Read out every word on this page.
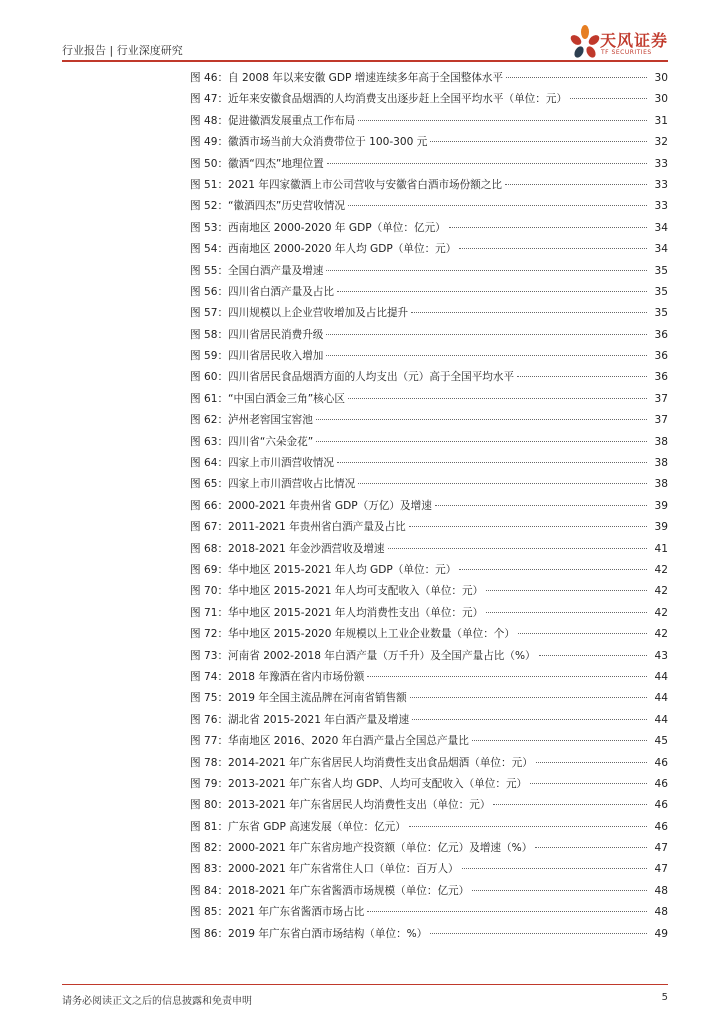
行业报告 | 行业深度研究
天风证券
TF SECURITIES
图 46： 自 2008 年以来安徽 GDP 增速连续多年高于全国整体水平	30
图 47： 近年来安徽食品烟酒的人均消费支出逐步赶上全国平均水平（单位：元）	30
图 48： 促进徽酒发展重点工作布局	31
图 49： 徽酒市场当前大众消费带位于 100-300 元	32
图 50： 徽酒“四杰”地理位置	33
图 51： 2021 年四家徽酒上市公司营收与安徽省白酒市场份额之比	33
图 52： “徽酒四杰”历史营收情况	33
图 53： 西南地区 2000-2020 年 GDP（单位：亿元）	34
图 54： 西南地区 2000-2020 年人均 GDP（单位：元）	34
图 55： 全国白酒产量及增速	35
图 56： 四川省白酒产量及占比	35
图 57： 四川规模以上企业营收增加及占比提升	35
图 58： 四川省居民消费升级	36
图 59： 四川省居民收入增加	36
图 60： 四川省居民食品烟酒方面的人均支出（元）高于全国平均水平	36
图 61： “中国白酒金三角”核心区	37
图 62： 泸州老窖国宝窖池	37
图 63： 四川省“六朵金花”	38
图 64： 四家上市川酒营收情况	38
图 65： 四家上市川酒营收占比情况	38
图 66： 2000-2021 年贵州省 GDP（万亿）及增速	39
图 67： 2011-2021 年贵州省白酒产量及占比	39
图 68： 2018-2021 年金沙酒营收及增速	41
图 69： 华中地区 2015-2021 年人均 GDP（单位：元）	42
图 70： 华中地区 2015-2021 年人均可支配收入（单位：元）	42
图 71： 华中地区 2015-2021 年人均消费性支出（单位：元）	42
图 72： 华中地区 2015-2020 年规模以上工业企业数量（单位：个）	42
图 73： 河南省 2002-2018 年白酒产量（万千升）及全国产量占比（%）	43
图 74： 2018 年豫酒在省内市场份额	44
图 75： 2019 年全国主流品牌在河南省销售额	44
图 76： 湖北省 2015-2021 年白酒产量及增速	44
图 77： 华南地区 2016、2020 年白酒产量占全国总产量比	45
图 78： 2014-2021 年广东省居民人均消费性支出食品烟酒（单位：元）	46
图 79： 2013-2021 年广东省人均 GDP、人均可支配收入（单位：元）	46
图 80： 2013-2021 年广东省居民人均消费性支出（单位：元）	46
图 81： 广东省 GDP 高速发展（单位：亿元）	46
图 82： 2000-2021 年广东省房地产投资额（单位：亿元）及增速（%）	47
图 83： 2000-2021 年广东省常住人口（单位：百万人）	47
图 84： 2018-2021 年广东省酱酒市场规模（单位：亿元）	48
图 85： 2021 年广东省酱酒市场占比	48
图 86： 2019 年广东省白酒市场结构（单位：%）	49
请务必阅读正文之后的信息披露和免责申明	5
